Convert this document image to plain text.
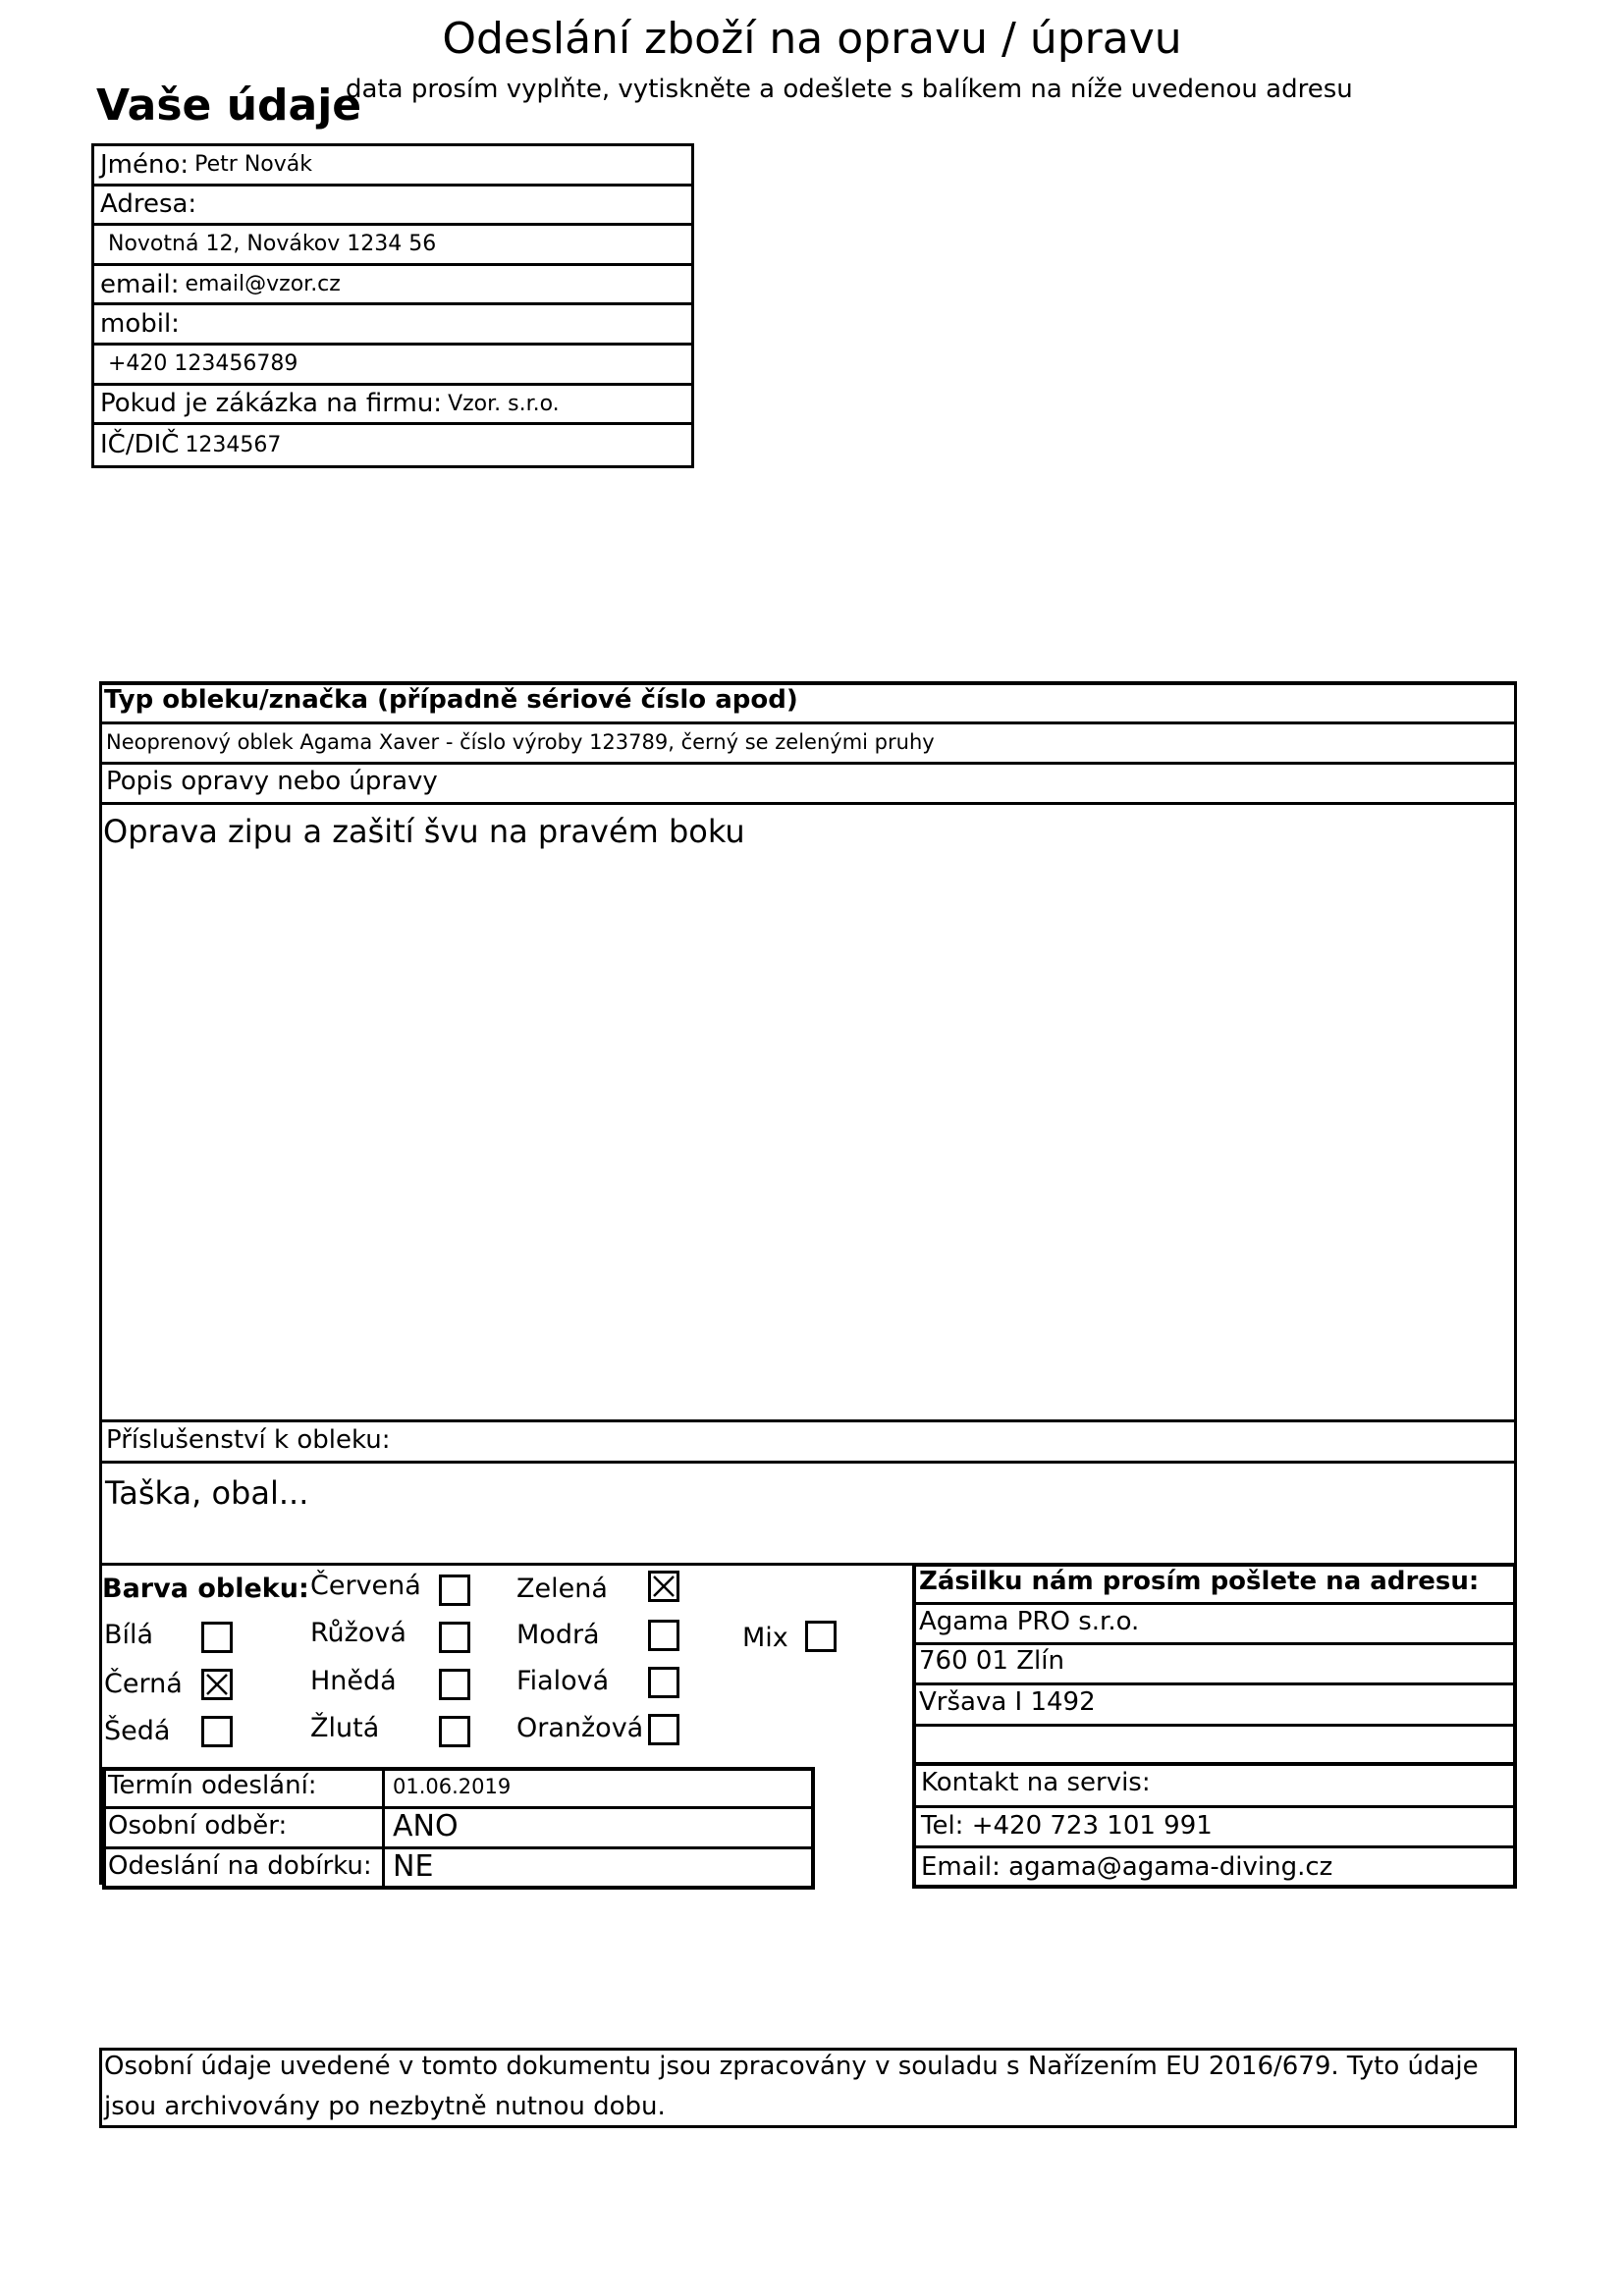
Odeslání zboží na opravu / úpravu
Vaše údaje
data prosím vyplňte, vytiskněte a odešlete s balíkem na níže uvedenou adresu
Jméno: Petr Novák
Adresa:
Novotná 12, Novákov 1234 56
email: email@vzor.cz
mobil:
+420 123456789
Pokud je zákázka na firmu: Vzor. s.r.o.
IČ/DIČ 1234567
Typ obleku/značka (případně sériové číslo apod)
Neoprenový oblek Agama Xaver - číslo výroby 123789, černý se zelenými pruhy
Popis opravy nebo úpravy
Oprava zipu a zašití švu na pravém boku
Příslušenství k obleku:
Taška, obal...
Barva obleku: Červená	Zelená
Bílá	Růžová	Modrá	Mix
Černá	Hnědá	Fialová
Šedá	Žlutá	Oranžová
Zásilku nám prosím pošlete na adresu:
Agama PRO s.r.o.
760 01 Zlín
Vršava I 1492
Termín odeslání:	01.06.2019
Osobní odběr:	ANO
Odeslání na dobírku: NE
Kontakt na servis:
Tel: +420 723 101 991
Email: agama@agama-diving.cz
Osobní údaje uvedené v tomto dokumentu jsou zpracovány v souladu s Nařízením EU 2016/679. Tyto údaje
jsou archivovány po nezbytně nutnou dobu.
